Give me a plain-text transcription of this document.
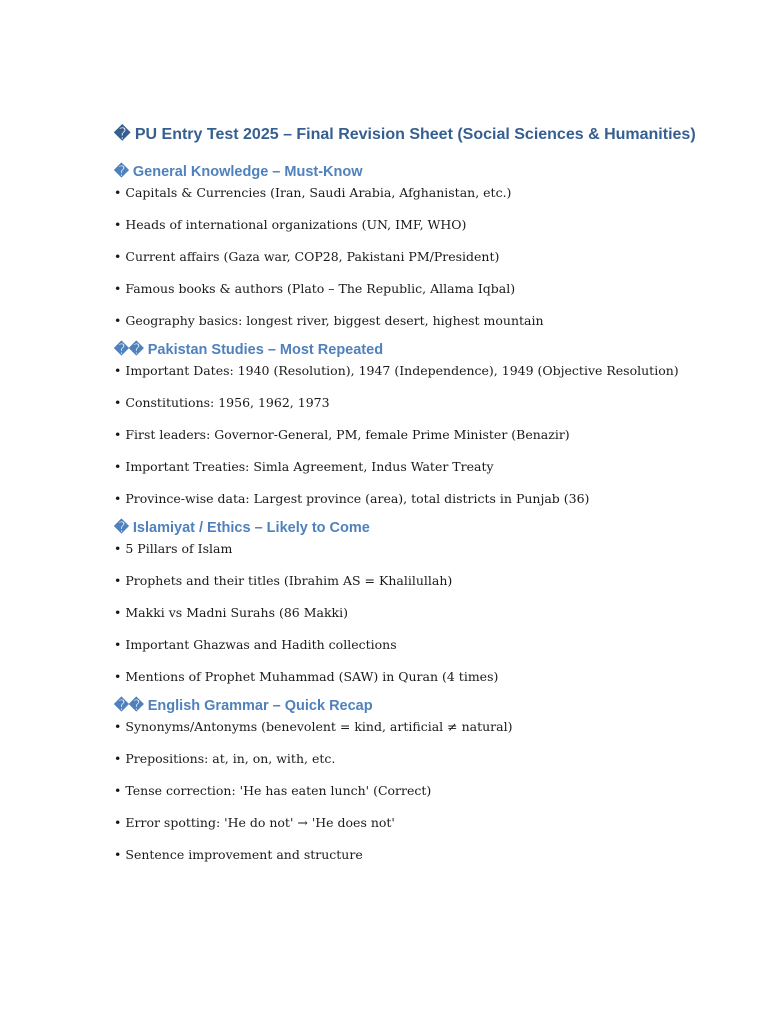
� PU Entry Test 2025 – Final Revision Sheet (Social Sciences & Humanities)
� General Knowledge – Must-Know
• Capitals & Currencies (Iran, Saudi Arabia, Afghanistan, etc.)
• Heads of international organizations (UN, IMF, WHO)
• Current affairs (Gaza war, COP28, Pakistani PM/President)
• Famous books & authors (Plato – The Republic, Allama Iqbal)
• Geography basics: longest river, biggest desert, highest mountain
�� Pakistan Studies – Most Repeated
• Important Dates: 1940 (Resolution), 1947 (Independence), 1949 (Objective Resolution)
• Constitutions: 1956, 1962, 1973
• First leaders: Governor-General, PM, female Prime Minister (Benazir)
• Important Treaties: Simla Agreement, Indus Water Treaty
• Province-wise data: Largest province (area), total districts in Punjab (36)
� Islamiyat / Ethics – Likely to Come
• 5 Pillars of Islam
• Prophets and their titles (Ibrahim AS = Khalilullah)
• Makki vs Madni Surahs (86 Makki)
• Important Ghazwas and Hadith collections
• Mentions of Prophet Muhammad (SAW) in Quran (4 times)
�� English Grammar – Quick Recap
• Synonyms/Antonyms (benevolent = kind, artificial ≠ natural)
• Prepositions: at, in, on, with, etc.
• Tense correction: 'He has eaten lunch' (Correct)
• Error spotting: 'He do not' → 'He does not'
• Sentence improvement and structure
